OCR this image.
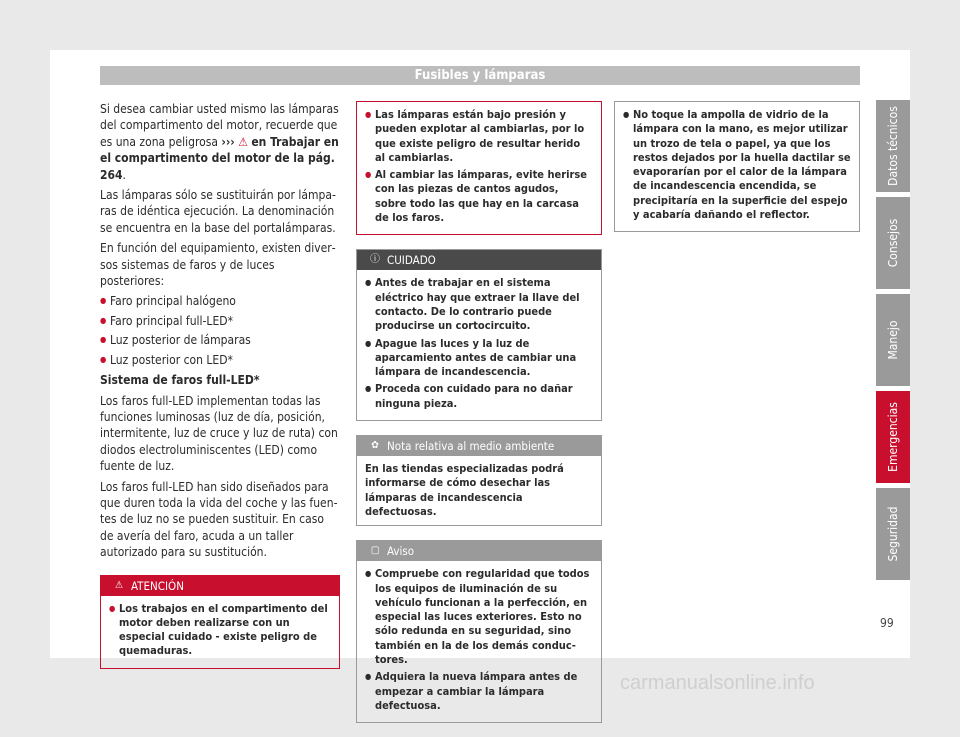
Fusibles y lámparas

Si desea cambiar usted mismo las lámparas del compartimento del motor, recuerde que es una zona peligrosa ››› ⚠ en Trabajar en el compartimento del motor de la pág. 264.

Las lámparas sólo se sustituirán por lámparas de idéntica ejecución. La denominación se encuentra en la base del portalámparas.

En función del equipamiento, existen diversos sistemas de faros y de luces posteriores:

● Faro principal halógeno
● Faro principal full-LED*
● Luz posterior de lámparas
● Luz posterior con LED*

Sistema de faros full-LED*

Los faros full-LED implementan todas las funciones luminosas (luz de día, posición, intermitente, luz de cruce y luz de ruta) con diodos electroluminiscentes (LED) como fuente de luz.

Los faros full-LED han sido diseñados para que duren toda la vida del coche y las fuentes de luz no se pueden sustituir. En caso de avería del faro, acuda a un taller autorizado para su sustitución.

⚠ ATENCIÓN
● Los trabajos en el compartimento del motor deben realizarse con un especial cuidado - existe peligro de quemaduras.
● Las lámparas están bajo presión y pueden explotar al cambiarlas, por lo que existe peligro de resultar herido al cambiarlas.
● Al cambiar las lámparas, evite herirse con las piezas de cantos agudos, sobre todo las que hay en la carcasa de los faros.
ⓘ CUIDADO
● Antes de trabajar en el sistema eléctrico hay que extraer la llave del contacto. De lo contrario puede producirse un cortocircuito.
● Apague las luces y la luz de aparcamiento antes de cambiar una lámpara de incandescencia.
● Proceda con cuidado para no dañar ninguna pieza.
✿ Nota relativa al medio ambiente
En las tiendas especializadas podrá informarse de cómo desechar las lámparas de incandescencia defectuosas.
▢ Aviso
● Compruebe con regularidad que todos los equipos de iluminación de su vehículo funcionan a la perfección, en especial las luces exteriores. Esto no sólo redunda en su seguridad, sino también en la de los demás conductores.
● Adquiera la nueva lámpara antes de empezar a cambiar la lámpara defectuosa.
● No toque la ampolla de vidrio de la lámpara con la mano, es mejor utilizar un trozo de tela o papel, ya que los restos dejados por la huella dactilar se evaporarían por el calor de la lámpara de incandescencia encendida, se precipitaría en la superficie del espejo y acabaría dañando el reflector.
Datos técnicos
Consejos
Manejo
Emergencias
Seguridad
99
carmanualsonline.info
